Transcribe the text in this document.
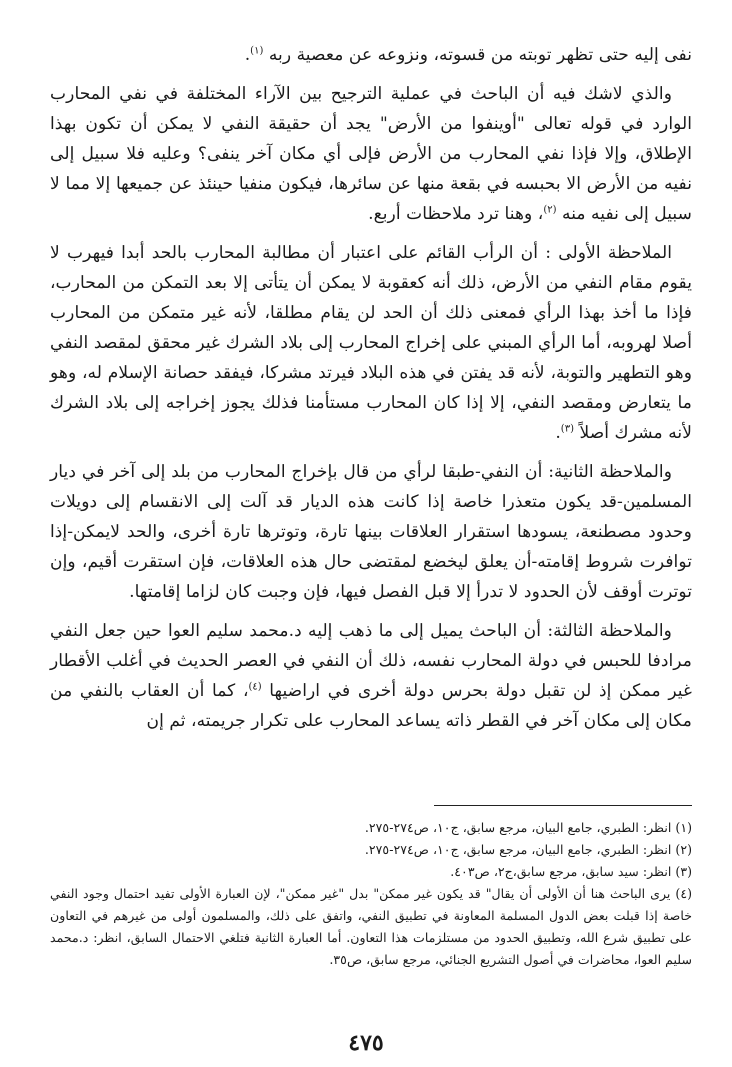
نفى إليه حتى تظهر توبته من قسوته، ونزوعه عن معصية ربه $^{(١)}$.

والذي لاشك فيه أن الباحث في عملية الترجيح بين الآراء المختلفة في نفي المحارب الوارد في قوله تعالى "أوينفوا من الأرض" يجد أن حقيقة النفي لا يمكن أن تكون بهذا الإطلاق، وإلا فإذا نفي المحارب من الأرض فإلى أي مكان آخر ينفى؟ وعليه فلا سبيل إلى نفيه من الأرض الا بحبسه في بقعة منها عن سائرها، فيكون منفيا حينئذ عن جميعها إلا مما لا سبيل إلى نفيه منه $^{(٢)}$، وهنا ترد ملاحظات أربع.

الملاحظة الأولى : أن الرأب القائم على اعتبار أن مطالبة المحارب بالحد أبدا فيهرب لا يقوم مقام النفي من الأرض، ذلك أنه كعقوبة لا يمكن أن يتأتى إلا بعد التمكن من المحارب، فإذا ما أخذ بهذا الرأي فمعنى ذلك أن الحد لن يقام مطلقا، لأنه غير متمكن من المحارب أصلا لهروبه، أما الرأي المبني على إخراج المحارب إلى بلاد الشرك غير محقق لمقصد النفي وهو التطهير والتوبة، لأنه قد يفتن في هذه البلاد فيرتد مشركا، فيفقد حصانة الإسلام له، وهو ما يتعارض ومقصد النفي، إلا إذا كان المحارب مستأمنا فذلك يجوز إخراجه إلى بلاد الشرك لأنه مشرك أصلاً $^{(٣)}$.

والملاحظة الثانية: أن النفي-طبقا لرأي من قال بإخراج المحارب من بلد إلى آخر في ديار المسلمين-قد يكون متعذرا خاصة إذا كانت هذه الديار قد آلت إلى الانقسام إلى دويلات وحدود مصطنعة، يسودها استقرار العلاقات بينها تارة، وتوترها تارة أخرى، والحد لايمكن-إذا توافرت شروط إقامته-أن يعلق ليخضع لمقتضى حال هذه العلاقات، فإن استقرت أقيم، وإن توترت أوقف لأن الحدود لا تدرأ إلا قبل الفصل فيها، فإن وجبت كان لزاما إقامتها.

والملاحظة الثالثة: أن الباحث يميل إلى ما ذهب إليه د.محمد سليم العوا حين جعل النفي مرادفا للحبس في دولة المحارب نفسه، ذلك أن النفي في العصر الحديث في أغلب الأقطار غير ممكن إذ لن تقبل دولة بحرس دولة أخرى في اراضيها $^{(٤)}$، كما أن العقاب بالنفي من مكان إلى مكان آخر في القطر ذاته يساعد المحارب على تكرار جريمته، ثم إن

(١) انظر: الطبري، جامع البيان، مرجع سابق، ج١٠، ص٢٧٤-٢٧٥.

(٢) انظر: الطبري، جامع البيان، مرجع سابق، ج١٠، ص٢٧٤-٢٧٥.

(٣) انظر: سيد سابق، مرجع سابق،ج٢، ص٤٠٣.

(٤) يرى الباحث هنا أن الأولى أن يقال" قد يكون غير ممكن" بدل "غير ممكن"، لإن العبارة الأولى تفيد احتمال وجود النفي خاصة إذا قبلت بعض الدول المسلمة المعاونة في تطبيق النفي، واتفق على ذلك، والمسلمون أولى من غيرهم في التعاون على تطبيق شرع الله، وتطبيق الحدود من مستلزمات هذا التعاون. أما العبارة الثانية فتلغي الاحتمال السابق، انظر: د.محمد سليم العوا، محاضرات في أصول التشريع الجنائي، مرجع سابق، ص٣٥.

٤٧٥
